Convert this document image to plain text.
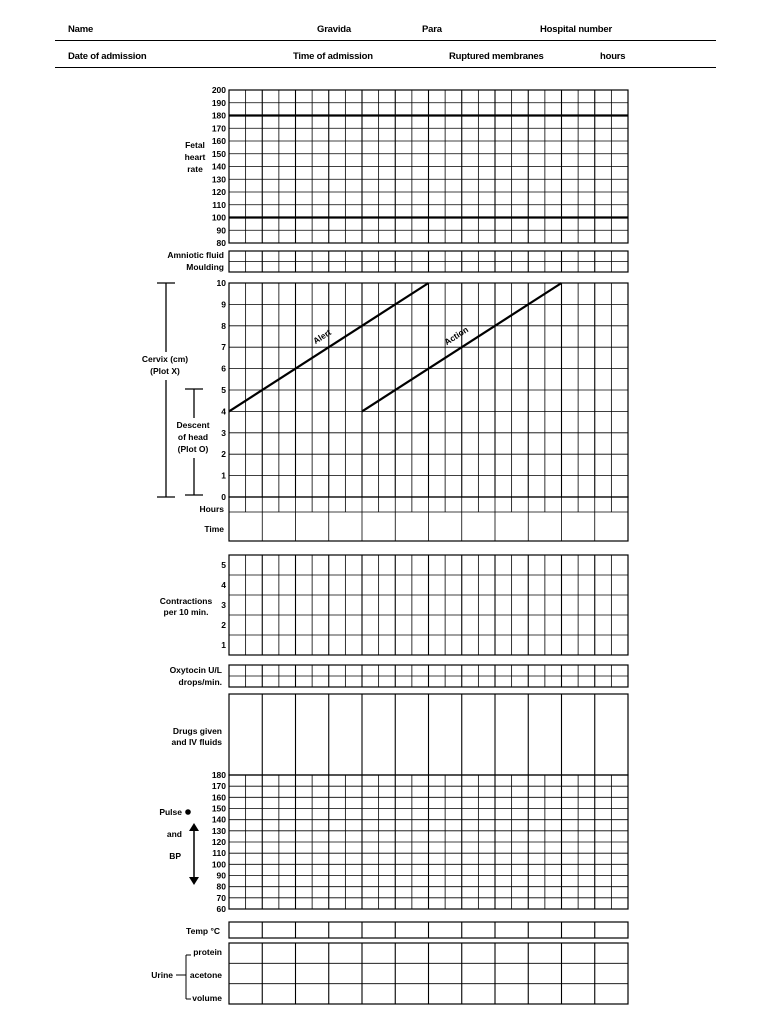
Name	Gravida	Para	Hospital number
Date of admission	Time of admission	Ruptured membranes	hours
200
190
180
170
160
150
140
130
120
110
100
90
80
10
9
8
7
6
5
4
3
2
1
0
5
4
3
2
1
180
170
160
150
140
130
120
110
100
90
80
70
60
Fetal
heart
rate
Amniotic fluid
Moulding
Cervix (cm)
(Plot X)
Descent
of head
(Plot O)
Hours
Time
Contractions
per 10 min.
Oxytocin U/L
drops/min.
Drugs given
and IV fluids
Pulse
and
BP
Temp °C
protein
acetone
volume
Urine
Alert	Action
